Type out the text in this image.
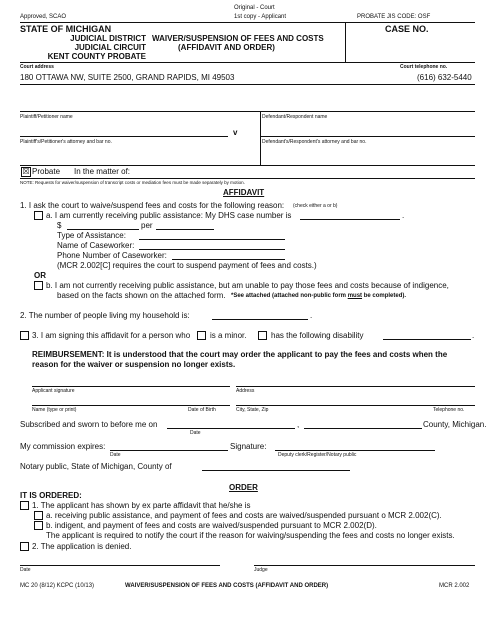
Original - Court
Approved, SCAO	1st copy - Applicant	PROBATE JIS CODE: OSF
STATE OF MICHIGAN
JUDICIAL DISTRICT
JUDICIAL CIRCUIT
KENT COUNTY PROBATE
WAIVER/SUSPENSION OF FEES AND COSTS
(AFFIDAVIT AND ORDER)
CASE NO.
Court address	Court telephone no.
180 OTTAWA NW, SUITE 2500, GRAND RAPIDS, MI 49503	(616) 632-5440
Plaintiff/Petitioner name	Defendant/Respondent name
v
Plaintiff's/Petitioner's attorney and bar no.	Defendant's/Respondent's attorney and bar no.
☒ Probate In the matter of:
NOTE: Requests for waiver/suspension of transcript costs or mediation fees must be made separately by motion.
AFFIDAVIT
1. I ask the court to waive/suspend fees and costs for the following reason: (check either a or b)
a. I am currently receiving public assistance: My DHS case number is	.
$	per
Type of Assistance:
Name of Caseworker:
Phone Number of Caseworker:
(MCR 2.002[C] requires the court to suspend payment of fees and costs.)
OR
b. I am not currently receiving public assistance, but am unable to pay those fees and costs because of indigence,
based on the facts shown on the attached form. *See attached (attached non-public form must be completed).
2. The number of people living my household is:	.
3. I am signing this affidavit for a person who is a minor.	has the following disability	.
REIMBURSEMENT: It is understood that the court may order the applicant to pay the fees and costs when the
reason for the waiver or suspension no longer exists.
Applicant signature	Address
Name (type or print)	Date of Birth	City, State, Zip	Telephone no.
Subscribed and sworn to before me on	,	County, Michigan.
Date
My commission expires:	Signature:
Date	Deputy clerk/Register/Notary public
Notary public, State of Michigan, County of
ORDER
IT IS ORDERED:
1. The applicant has shown by ex parte affidavit that he/she is
a. receiving public assistance, and payment of fees and costs are waived/suspended pursuant o MCR 2.002(C).
b. indigent, and payment of fees and costs are waived/suspended pursuant to MCR 2.002(D).
The applicant is required to notify the court if the reason for waiving/suspending the fees and costs no longer exists.
2. The application is denied.
Date	Judge
MC 20 (8/12) KCPC (10/13)	WAIVER/SUSPENSION OF FEES AND COSTS (AFFIDAVIT AND ORDER)	MCR 2.002
